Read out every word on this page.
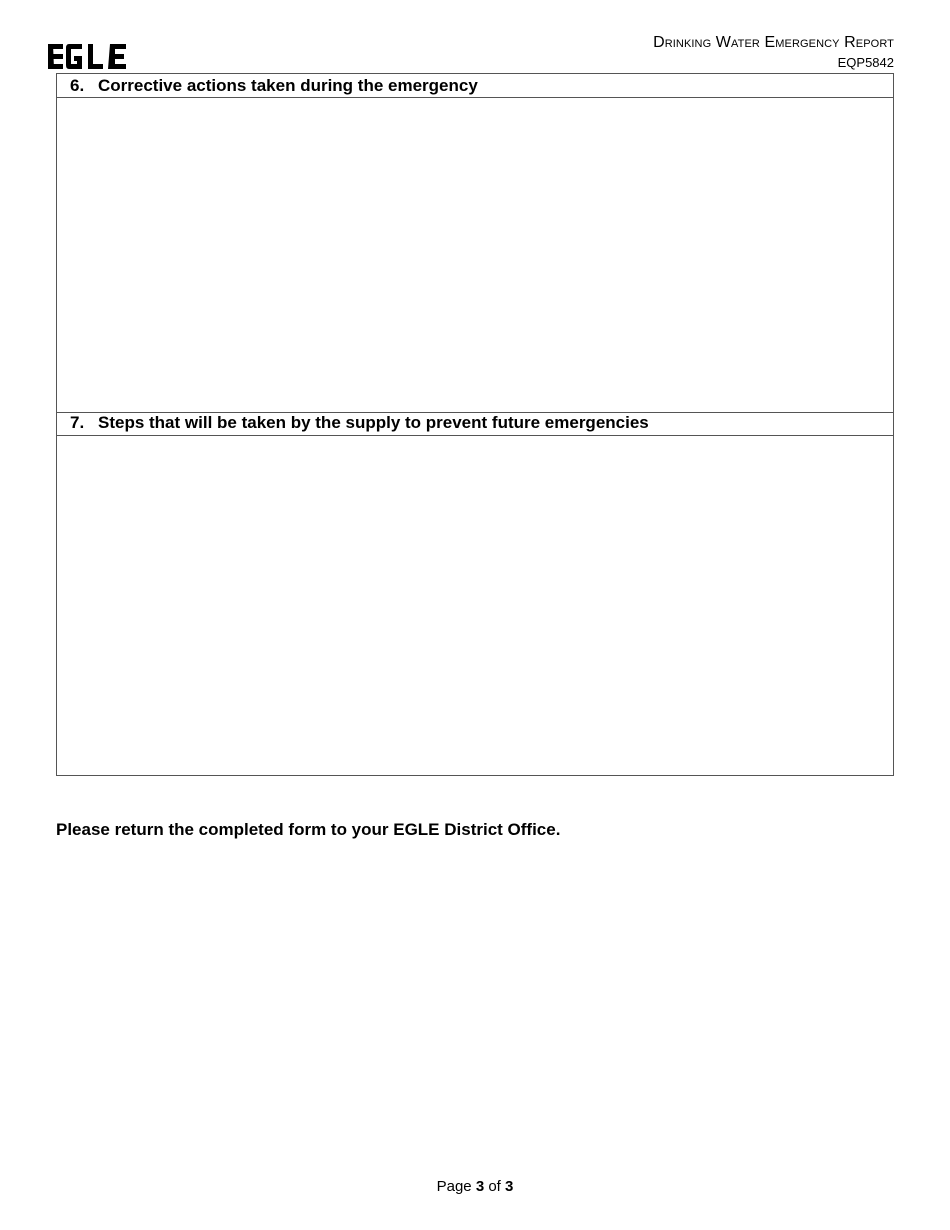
Drinking Water Emergency Report
EQP5842
6. Corrective actions taken during the emergency
7. Steps that will be taken by the supply to prevent future emergencies
Please return the completed form to your EGLE District Office.
Page 3 of 3
